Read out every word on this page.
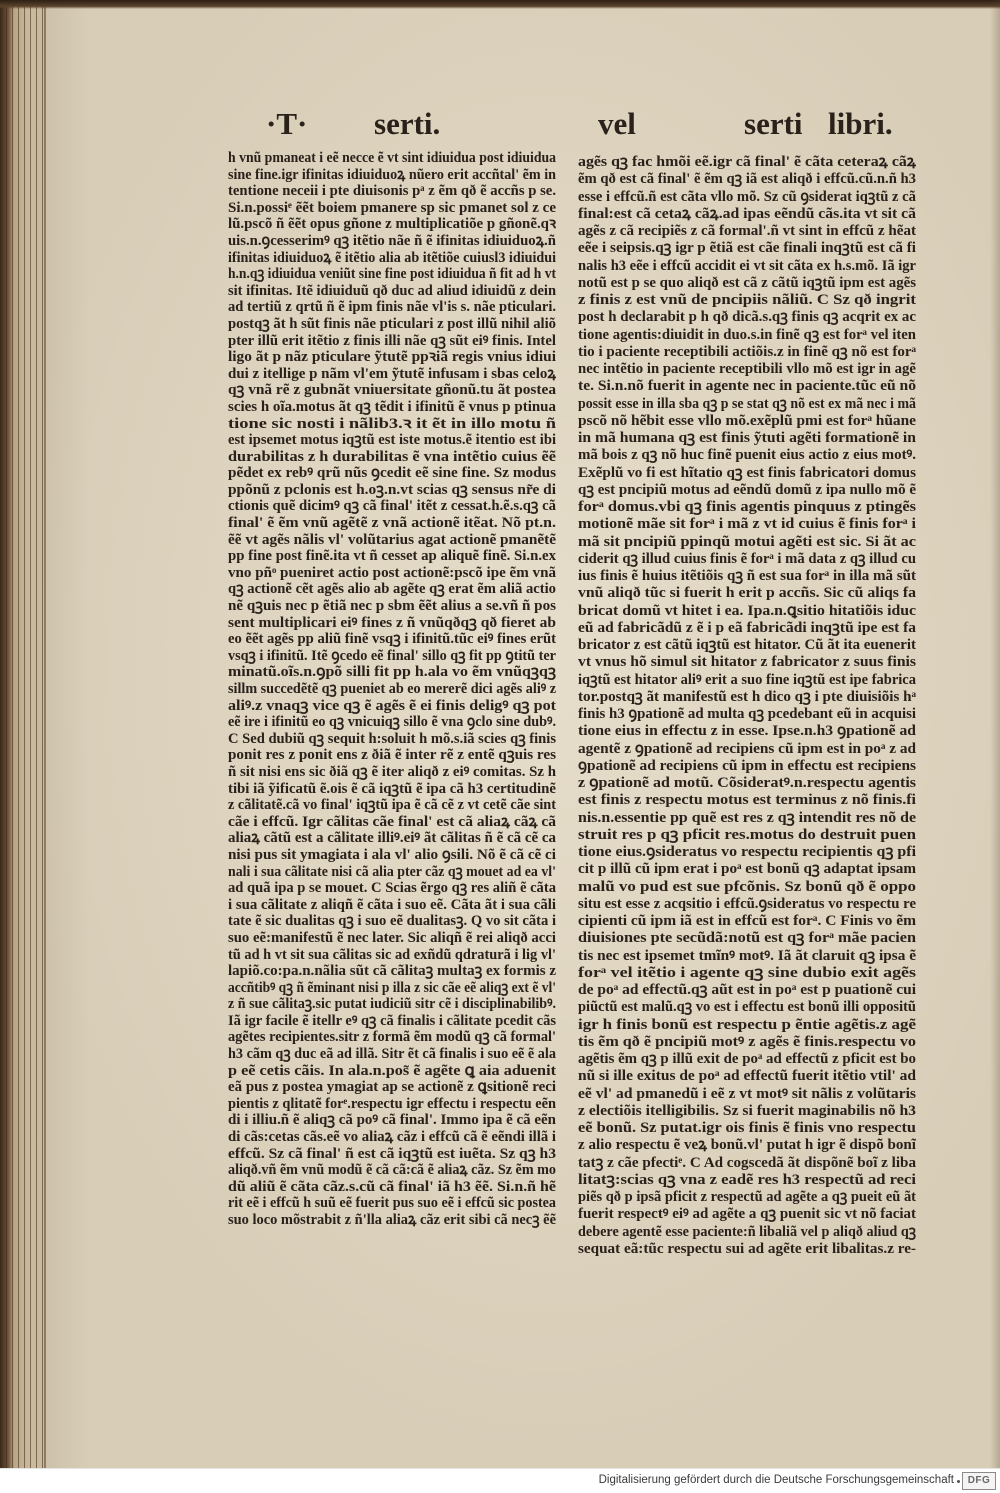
·T· serti.	vel	serti libri.
h vnũ pmaneat i eẽ necce ẽ vt sint idiuidua post idiuidua
sine fine.igr ifinitas idiuiduoꝝ nũero erit accñtal' ẽm in
tentione neceii i pte diuisonis pᵃ z ẽm qð ẽ accñs p se.
Si.n.possiᵉ ẽẽt boiem pmanere sp sic pmanet sol z ce
lũ.pscõ ñ ẽẽt opus gñone z multiplicatiõe p gñonẽ.qꝛ
uis.n.ꝯcesserimꝰ qꝫ itẽtio nãe ñ ẽ ifinitas idiuiduoꝝ.ñ
ifinitas idiuiduoꝝ ẽ itẽtio alia ab itẽtiõe cuiusl3 idiuidui
h.n.qꝫ idiuidua veniũt sine fine post idiuidua ñ fit ad h vt
sit ifinitas. Itẽ idiuiduũ qð duc ad aliud idiuidũ z dein
ad tertiũ z qrtũ ñ ẽ ipm finis nãe vl'is s. nãe pticulari.
postqꝫ ãt h sũt finis nãe pticulari z post illũ nihil aliõ
pter illũ erit itẽtio z finis illi nãe qꝫ sũt eiꝰ finis. Intel
ligo ãt p nãz pticulare ỹtutẽ ppꝛiã regis vnius idiui
dui z itellige p nãm vl'em ỹtutẽ infusam i sbas celoꝝ
qꝫ vnã rẽ z gubnãt vniuersitate gñonũ.tu ãt postea
scies h oĩa.motus ãt qꝫ tẽdit i ifinitũ ẽ vnus p ptinua
tione sic nosti i nãlib3.ꝛ it ẽt in illo motu ñ
est ipsemet motus iqꝫtũ est iste motus.ẽ itentio est ibi
durabilitas z h durabilitas ẽ vna intẽtio cuius ẽẽ
pẽdet ex rebꝰ qrũ nũs ꝯcedit eẽ sine fine. Sz modus
ppõnũ z pclonis est h.oꝫ.n.vt scias qꝫ sensus nr̃e di
ctionis quẽ dicimꝰ qꝫ cã final' itẽt z cessat.h.ẽ.s.qꝫ cã
final' ẽ ẽm vnũ agẽtẽ z vnã actionẽ itẽat. Nõ pt.n.
ẽẽ vt agẽs nãlis vl' volũtarius agat actionẽ pmanẽtẽ
pp fine post finẽ.ita vt ñ cesset ap aliquẽ finẽ. Si.n.ex
vno pñᵒ pueniret actio post actionẽ:pscõ ipe ẽm vnã
qꝫ actionẽ cẽt agẽs alio ab agẽte qꝫ erat ẽm aliã actio
nẽ qꝫuis nec p ẽtiã nec p sbm ẽẽt alius a se.vñ ñ pos
sent multiplicari eiꝰ fines z ñ vnũqðqꝫ qð fieret ab
eo ẽẽt agẽs pp aliũ finẽ vsqꝫ i ifinitũ.tũc eiꝰ fines erũt
vsqꝫ i ifinitũ. Itẽ ꝯcedo eẽ final' sillo qꝫ fit pp ꝯtitũ ter
minatũ.oĩs.n.ꝯpõ silli fit pp h.ala vo ẽm vnũqꝫqꝫ
sillm succedẽtẽ qꝫ pueniet ab eo mererẽ dici agẽs aliꝰ z
aliꝰ.z vnaqꝫ vice qꝫ ẽ agẽs ẽ ei finis deligꝰ qꝫ pot
eẽ ire i ifinitũ eo qꝫ vnicuiqꝫ sillo ẽ vna ꝯclo sine dubꝰ.
C Sed dubiũ qꝫ sequit h:soluit h mõ.s.iã scies qꝫ finis
ponit res z ponit ens z ðiã ẽ inter rẽ z entẽ qꝫuis res
ñ sit nisi ens sic ðiã qꝫ ẽ iter aliqð z eiꝰ comitas. Sz h
tibi iã ỹificatũ ẽ.ois ẽ cã iqꝫtũ ẽ ipa cã h3 certitudinẽ
z cãlitatẽ.cã vo final' iqꝫtũ ipa ẽ cã cẽ z vt cetẽ cãe sint
cãe i effcũ. Igr cãlitas cãe final' est cã aliaꝝ cãꝝ cã
aliaꝝ cãtũ est a cãlitate illiꝰ.eiꝰ ãt cãlitas ñ ẽ cã cẽ ca
nisi pus sit ymagiata i ala vl' alio ꝯsili. Nõ ẽ cã cẽ ci
nali i sua cãlitate nisi cã alia pter cãz qꝫ mouet ad ea vl'
ad quã ipa p se mouet. C Scias ẽrgo qꝫ res aliñ ẽ cãta
i sua cãlitate z aliqñ ẽ cãta i suo eẽ. Cãta ãt i sua cãli
tate ẽ sic dualitas qꝫ i suo eẽ dualitasꝫ. Q vo sit cãta i
suo eẽ:manifestũ ẽ nec later. Sic aliqñ ẽ rei aliqð acci
tũ ad h vt sit sua cãlitas sic ad exñdũ qdraturã i lig vl'
lapiõ.co:pa.n.nãlia sũt cã cãlitaꝫ multaꝫ ex formis z
accñtibꝰ qꝫ ñ ẽminant nisi p illa z sic cãe eẽ aliqꝫ ext ẽ vl'
z ñ sue cãlitaꝫ.sic putat iudiciũ sitr cẽ i disciplinabilibꝰ.
Iã igr facile ẽ itellr eꝰ qꝫ cã finalis i cãlitate pcedit cãs
agẽtes recipientes.sitr z formã ẽm modũ qꝫ cã formal'
h3 cãm qꝫ duc eã ad illã. Sitr ẽt cã finalis i suo eẽ ẽ ala
p eẽ cetis cãis. In ala.n.pos̃ ẽ agẽte ꝗ aia aduenit
eã pus z postea ymagiat ap se actionẽ z ꝗsitionẽ reci
pientis z qlitatẽ forᵉ.respectu igr effectu i respectu eẽn
di i illiu.ñ ẽ aliqꝫ cã poꝰ cã final'. Immo ipa ẽ cã eẽn
di cãs:cetas cãs.eẽ vo aliaꝝ cãz i effcũ cã ẽ eẽndi illã i
effcũ. Sz cã final' ñ est cã iqꝫtũ est iuẽta. Sz qꝫ h3
aliqð.vñ ẽm vnũ modũ ẽ cã cã:cã ẽ aliaꝝ cãz. Sz ẽm mo
dũ aliũ ẽ cãta cãz.s.cũ cã final' iã h3 ẽẽ. Si.n.ñ hẽ
rit eẽ i effcũ h suũ eẽ fuerit pus suo eẽ i effcũ sic postea
suo loco mõstrabit z ñ'lla aliaꝝ cãz erit sibi cã necꝫ ẽẽ
agẽs qꝫ fac hmõi eẽ.igr cã final' ẽ cãta ceteraꝝ cãꝝ
ẽm qð est cã final' ẽ ẽm qꝫ iã est aliqð i effcũ.cũ.n.ñ h3
esse i effcũ.ñ est cãta vllo mõ. Sz cũ ꝯsiderat iqꝫtũ z cã
final:est cã cetaꝝ cãꝝ.ad ipas eẽndũ cãs.ita vt sit cã
agẽs z cã recipiẽs z cã formal'.ñ vt sint in effcũ z hẽat
eẽe i seipsis.qꝫ igr p ẽtiã est cãe finali inqꝫtũ est cã fi
nalis h3 eẽe i effcũ accidit ei vt sit cãta ex h.s.mõ. Iã igr
notũ est p se quo aliqð est cã z cãtũ iqꝫtũ ipm est agẽs
z finis z est vnũ de pncipiis nãliũ. C Sz qð ingrit
post h declarabit p h qð dicã.s.qꝫ finis qꝫ acqrit ex ac
tione agentis:diuidit in duo.s.in finẽ qꝫ est forᵃ vel iten
tio i paciente receptibili actiõis.z in finẽ qꝫ nõ est forᵃ
nec intẽtio in paciente receptibili vllo mõ est igr in agẽ
te. Si.n.nõ fuerit in agente nec in paciente.tũc eũ nõ
possit esse in illa sba qꝫ p se stat qꝫ nõ est ex mã nec i mã
pscõ nõ hẽbit esse vllo mõ.exẽplũ pmi est forᵃ hũane
in mã humana qꝫ est finis ỹtuti agẽti formationẽ in
mã bois z qꝫ nõ huc finẽ puenit eius actio z eius motꝰ.
Exẽplũ vo fi est hĩtatio qꝫ est finis fabricatori domus
qꝫ est pncipiũ motus ad eẽndũ domũ z ipa nullo mõ ẽ
forᵃ domus.vbi qꝫ finis agentis pinquus z ptingẽs
motionẽ mãe sit forᵃ i mã z vt id cuius ẽ finis forᵃ i
mã sit pncipiũ ppinqũ motui agẽti est sic. Si ãt ac
ciderit qꝫ illud cuius finis ẽ forᵃ i mã data z qꝫ illud cu
ius finis ẽ huius itẽtiõis qꝫ ñ est sua forᵃ in illa mã sũt
vnũ aliqð tũc si fuerit h erit p accñs. Sic cũ aliqs fa
bricat domũ vt hitet i ea. Ipa.n.ꝗsitio hitatiõis iduc
eũ ad fabricãdũ z ẽ i p eã fabricãdi inqꝫtũ ipe est fa
bricator z est cãtũ iqꝫtũ est hitator. Cũ ãt ita euenerit
vt vnus hõ simul sit hitator z fabricator z suus finis
iqꝫtũ est hitator aliꝰ erit a suo fine iqꝫtũ est ipe fabrica
tor.postqꝫ ãt manifestũ est h dico qꝫ i pte diuisiõis hᵃ
finis h3 ꝯpationẽ ad multa qꝫ pcedebant eũ in acquisi
tione eius in effectu z in esse. Ipse.n.h3 ꝯpationẽ ad
agentẽ z ꝯpationẽ ad recipiens cũ ipm est in poᵃ z ad
ꝯpationẽ ad recipiens cũ ipm in effectu est recipiens
z ꝯpationẽ ad motũ. Cõsideratꝰ.n.respectu agentis
est finis z respectu motus est terminus z nõ finis.fi
nis.n.essentie pp quẽ est res z qꝫ intendit res nõ de
struit res p qꝫ pficit res.motus do destruit puen
tione eius.ꝯsideratus vo respectu recipientis qꝫ pfi
cit p illũ cũ ipm erat i poᵃ est bonũ qꝫ adaptat ipsam
malũ vo pud est sue pfcõnis. Sz bonũ qð ẽ oppo
situ est esse z acqsitio i effcũ.ꝯsideratus vo respectu re
cipienti cũ ipm iã est in effcũ est forᵃ. C Finis vo ẽm
diuisiones pte secũdã:notũ est qꝫ forᵃ mãe pacien
tis nec est ipsemet tmĩnꝰ motꝰ. Iã ãt claruit qꝫ ipsa ẽ
forᵃ vel itẽtio i agente qꝫ sine dubio exit agẽs
de poᵃ ad effectũ.qꝫ aũt est in poᵃ est p puationẽ cui
piũctũ est malũ.qꝫ vo est i effectu est bonũ illi oppositũ
igr h finis bonũ est respectu p ẽntie agẽtis.z agẽ
tis ẽm qð ẽ pncipiũ motꝰ z agẽs ẽ finis.respectu vo
agẽtis ẽm qꝫ p illũ exit de poᵃ ad effectũ z pficit est bo
nũ si ille exitus de poᵃ ad effectũ fuerit itẽtio vtil' ad
eẽ vl' ad pmanedũ i eẽ z vt motꝰ sit nãlis z volũtaris
z electiõis itelligibilis. Sz si fuerit maginabilis nõ h3
eẽ bonũ. Sz putat.igr ois finis ẽ finis vno respectu
z alio respectu ẽ veꝝ bonũ.vl' putat h igr ẽ dispõ bonĩ
tatꝫ z cãe pfectiᵉ. C Ad cogscedã ãt dispõnẽ boĩ z liba
litatꝫ:scias qꝫ vna z eadẽ res h3 respectũ ad reci
piẽs qð p ipsã pficit z respectũ ad agẽte a qꝫ pueit eũ ãt
fuerit respectꝰ eiꝰ ad agẽte a qꝫ puenit sic vt nõ faciat
debere agentẽ esse paciente:ñ libaliã vel p aliqð aliud qꝫ
sequat eã:tũc respectu sui ad agẽte erit libalitas.z re-
Digitalisierung gefördert durch die Deutsche Forschungsgemeinschaft	DFG
